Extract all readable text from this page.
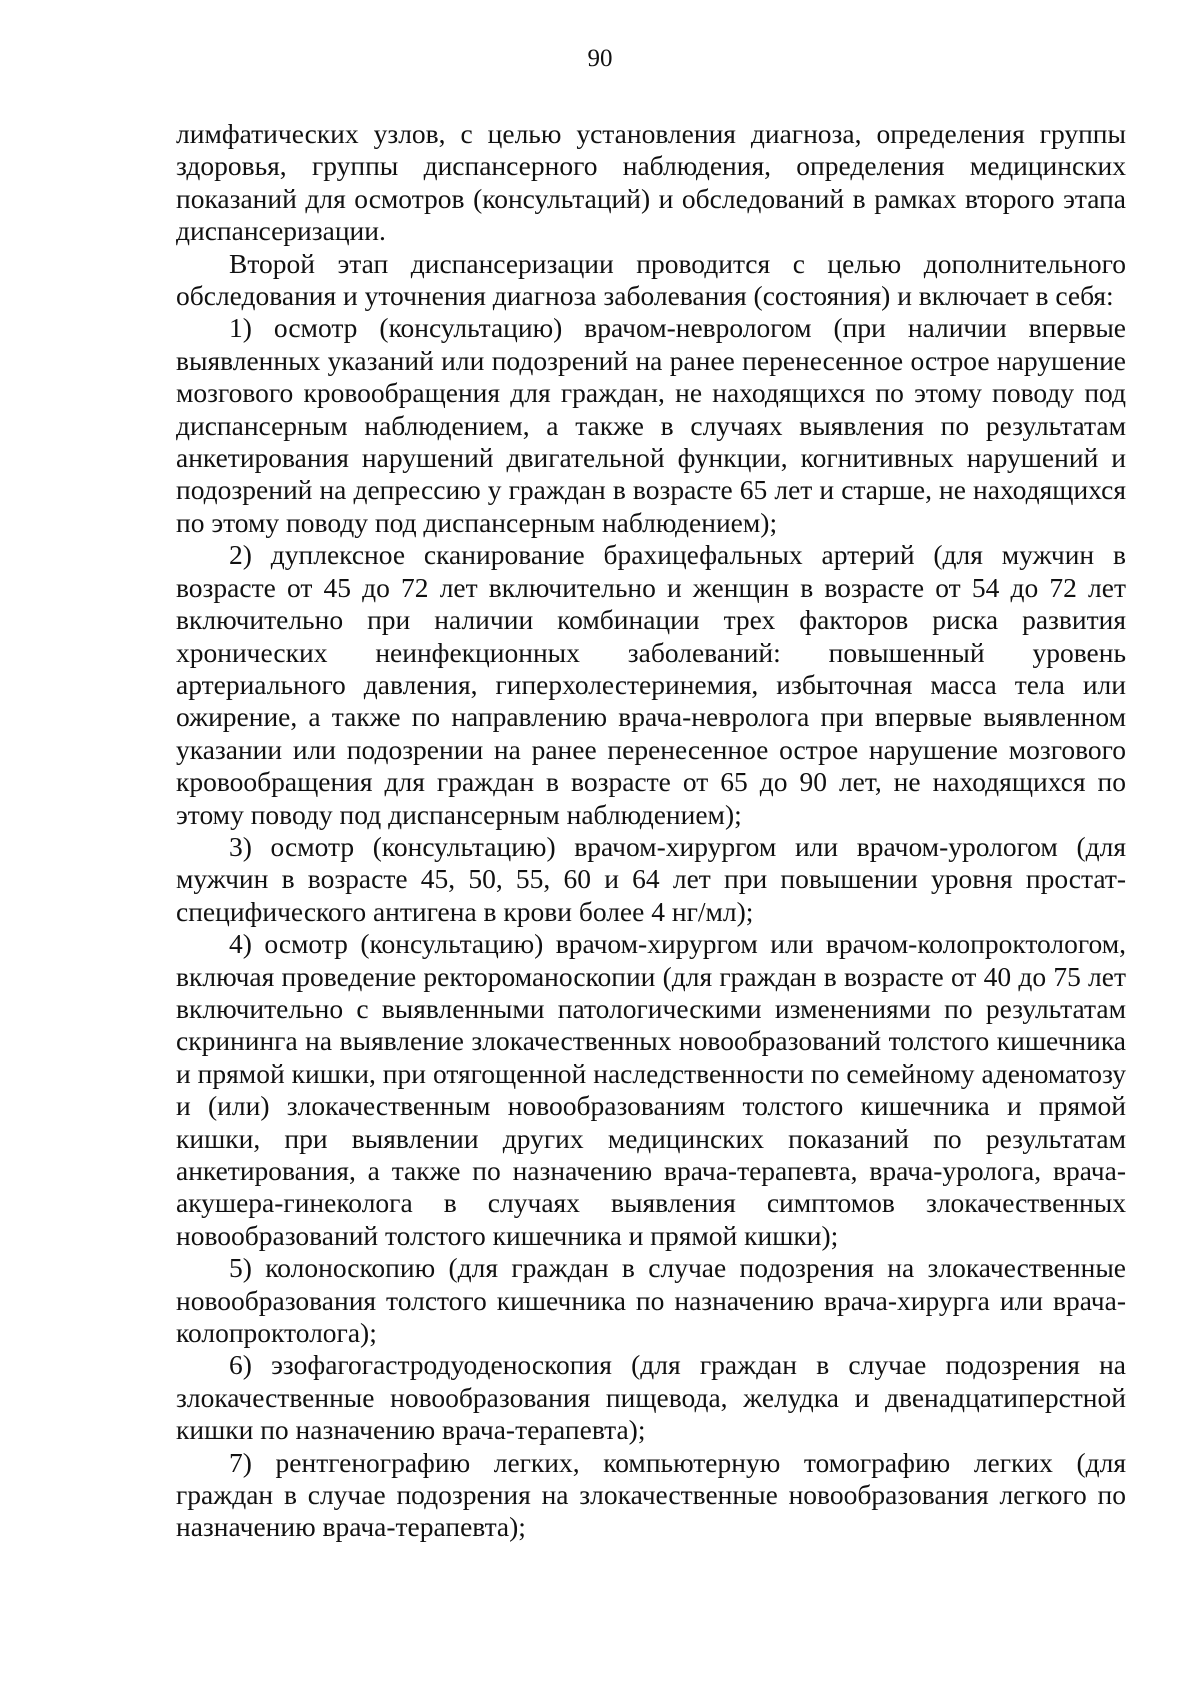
90

лимфатических узлов, с целью установления диагноза, определения группы здоровья, группы диспансерного наблюдения, определения медицинских показаний для осмотров (консультаций) и обследований в рамках второго этапа диспансеризации.

Второй этап диспансеризации проводится с целью дополнительного обследования и уточнения диагноза заболевания (состояния) и включает в себя:

1) осмотр (консультацию) врачом-неврологом (при наличии впервые выявленных указаний или подозрений на ранее перенесенное острое нарушение мозгового кровообращения для граждан, не находящихся по этому поводу под диспансерным наблюдением, а также в случаях выявления по результатам анкетирования нарушений двигательной функции, когнитивных нарушений и подозрений на депрессию у граждан в возрасте 65 лет и старше, не находящихся по этому поводу под диспансерным наблюдением);

2) дуплексное сканирование брахицефальных артерий (для мужчин в возрасте от 45 до 72 лет включительно и женщин в возрасте от 54 до 72 лет включительно при наличии комбинации трех факторов риска развития хронических неинфекционных заболеваний: повышенный уровень артериального давления, гиперхолестеринемия, избыточная масса тела или ожирение, а также по направлению врача-невролога при впервые выявленном указании или подозрении на ранее перенесенное острое нарушение мозгового кровообращения для граждан в возрасте от 65 до 90 лет, не находящихся по этому поводу под диспансерным наблюдением);

3) осмотр (консультацию) врачом-хирургом или врачом-урологом (для мужчин в возрасте 45, 50, 55, 60 и 64 лет при повышении уровня простат-специфического антигена в крови более 4 нг/мл);

4) осмотр (консультацию) врачом-хирургом или врачом-колопроктологом, включая проведение ректороманоскопии (для граждан в возрасте от 40 до 75 лет включительно с выявленными патологическими изменениями по результатам скрининга на выявление злокачественных новообразований толстого кишечника и прямой кишки, при отягощенной наследственности по семейному аденоматозу и (или) злокачественным новообразованиям толстого кишечника и прямой кишки, при выявлении других медицинских показаний по результатам анкетирования, а также по назначению врача-терапевта, врача-уролога, врача-акушера-гинеколога в случаях выявления симптомов злокачественных новообразований толстого кишечника и прямой кишки);

5) колоноскопию (для граждан в случае подозрения на злокачественные новообразования толстого кишечника по назначению врача-хирурга или врача-колопроктолога);

6) эзофагогастродуоденоскопия (для граждан в случае подозрения на злокачественные новообразования пищевода, желудка и двенадцатиперстной кишки по назначению врача-терапевта);

7) рентгенографию легких, компьютерную томографию легких (для граждан в случае подозрения на злокачественные новообразования легкого по назначению врача-терапевта);
